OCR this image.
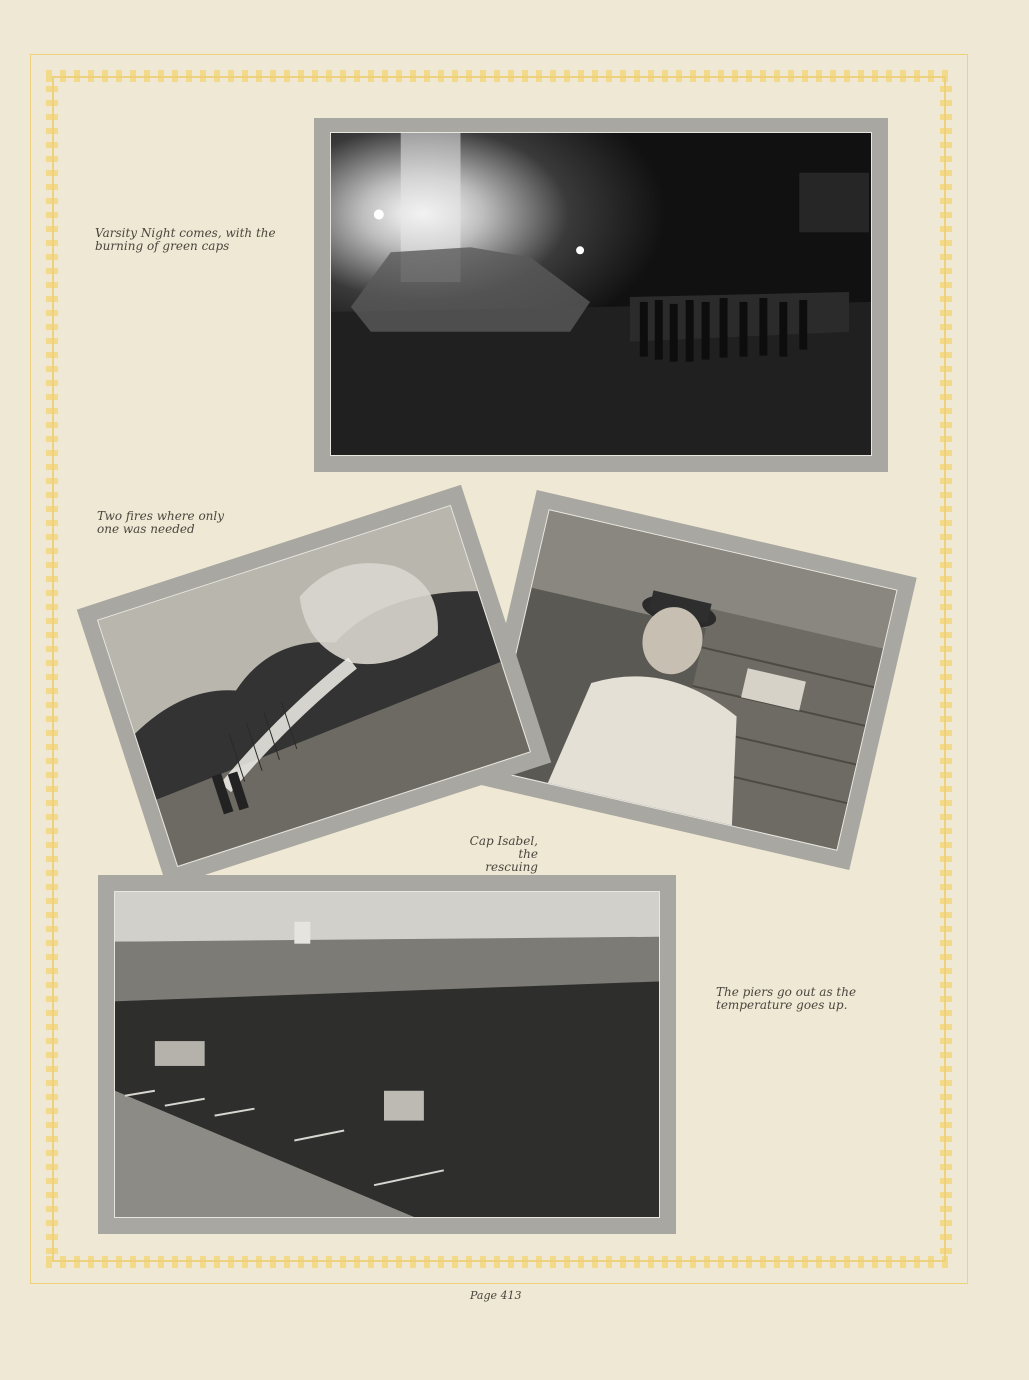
Varsity Night comes, with the
burning of green caps
Two fires where only
one was needed
Cap Isabel, the
rescuing
The piers go out as the
temperature goes up.
Page 413
